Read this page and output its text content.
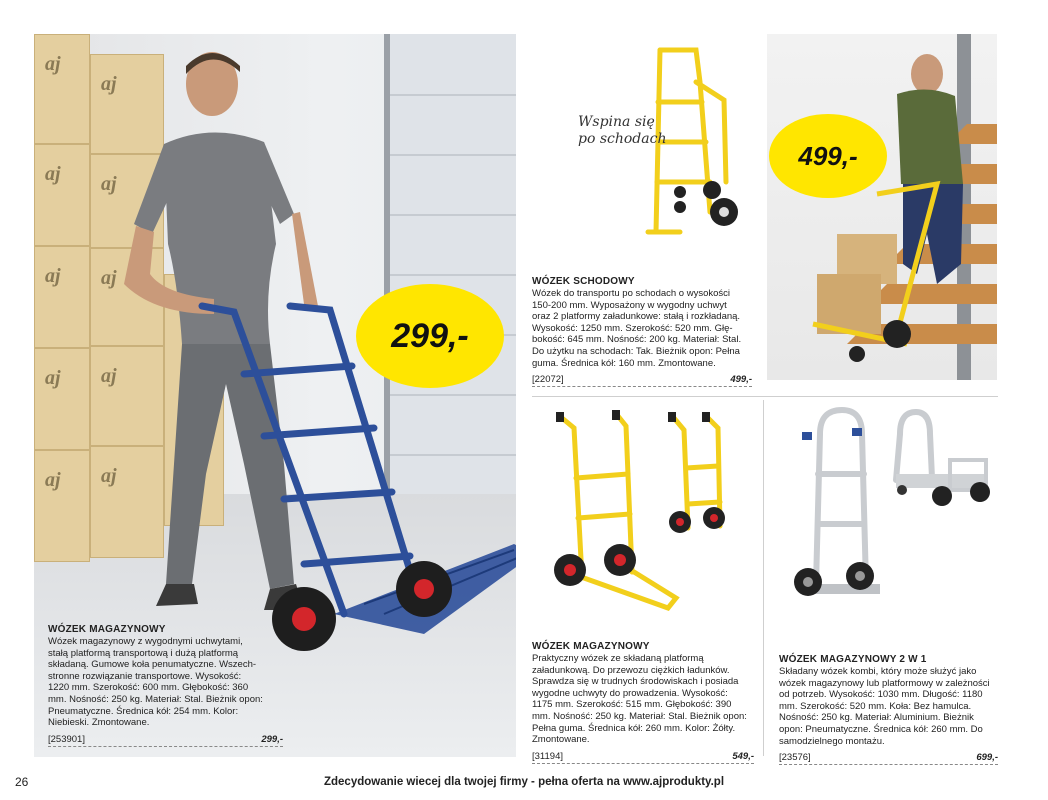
aj
aj
aj aj
aj aj
aj aj
aj aj
299,-

WÓZEK MAGAZYNOWY

Wózek magazynowy z wygodnymi uchwytami,
stałą platformą transportową i dużą platformą
składaną. Gumowe koła penumatyczne. Wszech-
stronne rozwiązanie transportowe. Wysokość:
1220 mm. Szerokość: 600 mm. Głębokość: 360
mm. Nośność: 250 kg. Materiał: Stal. Bieżnik opon:
Pneumatyczne. Średnica kół: 254 mm. Kolor:
Niebieski. Zmontowane.

[253901]	299,-
Wspina się
po schodach
499,-

WÓZEK SCHODOWY

Wózek do transportu po schodach o wysokości
150-200 mm. Wyposażony w wygodny uchwyt
oraz 2 platformy załadunkowe: stałą i rozkładaną.
Wysokość: 1250 mm. Szerokość: 520 mm. Głę-
bokość: 645 mm. Nośność: 200 kg. Materiał: Stal.
Do użytku na schodach: Tak. Bieżnik opon: Pełna
guma. Średnica kół: 160 mm. Zmontowane.

[22072]	499,-

WÓZEK MAGAZYNOWY

Praktyczny wózek ze składaną platformą
załadunkową. Do przewozu ciężkich ładunków.
Sprawdza się w trudnych środowiskach i posiada
wygodne uchwyty do prowadzenia. Wysokość:
1175 mm. Szerokość: 515 mm. Głębokość: 390
mm. Nośność: 250 kg. Materiał: Stal. Bieżnik opon:
Pełna guma. Średnica kół: 260 mm. Kolor: Żółty.
Zmontowane.

[31194]	549,-

WÓZEK MAGAZYNOWY 2 W 1

Składany wózek kombi, który może służyć jako
wózek magazynowy lub platformowy w zależności
od potrzeb. Wysokość: 1030 mm. Długość: 1180
mm. Szerokość: 520 mm. Koła: Bez hamulca.
Nośność: 250 kg. Materiał: Aluminium. Bieżnik
opon: Pneumatyczne. Średnica kół: 260 mm. Do
samodzielnego montażu.

[23576]	699,-
26	Zdecydowanie wiecej dla twojej firmy - pełna oferta na www.ajprodukty.pl
